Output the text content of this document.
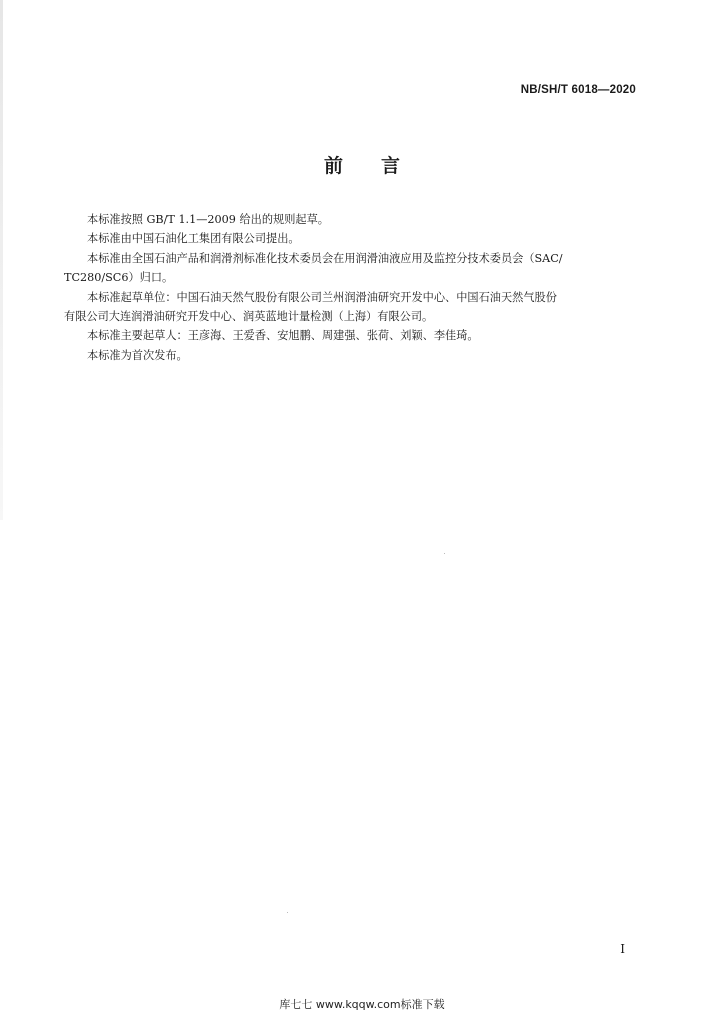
NB/SH/T 6018—2020
前 言

本标准按照 GB/T 1.1—2009 给出的规则起草。

本标准由中国石油化工集团有限公司提出。

本标准由全国石油产品和润滑剂标准化技术委员会在用润滑油液应用及监控分技术委员会（SAC/

TC280/SC6）归口。

本标准起草单位：中国石油天然气股份有限公司兰州润滑油研究开发中心、中国石油天然气股份

有限公司大连润滑油研究开发中心、润英蓝地计量检测（上海）有限公司。

本标准主要起草人：王彦海、王爱香、安旭鹏、周建强、张荷、刘颖、李佳琦。

本标准为首次发布。

I
库七七 www.kqqw.com标准下载
